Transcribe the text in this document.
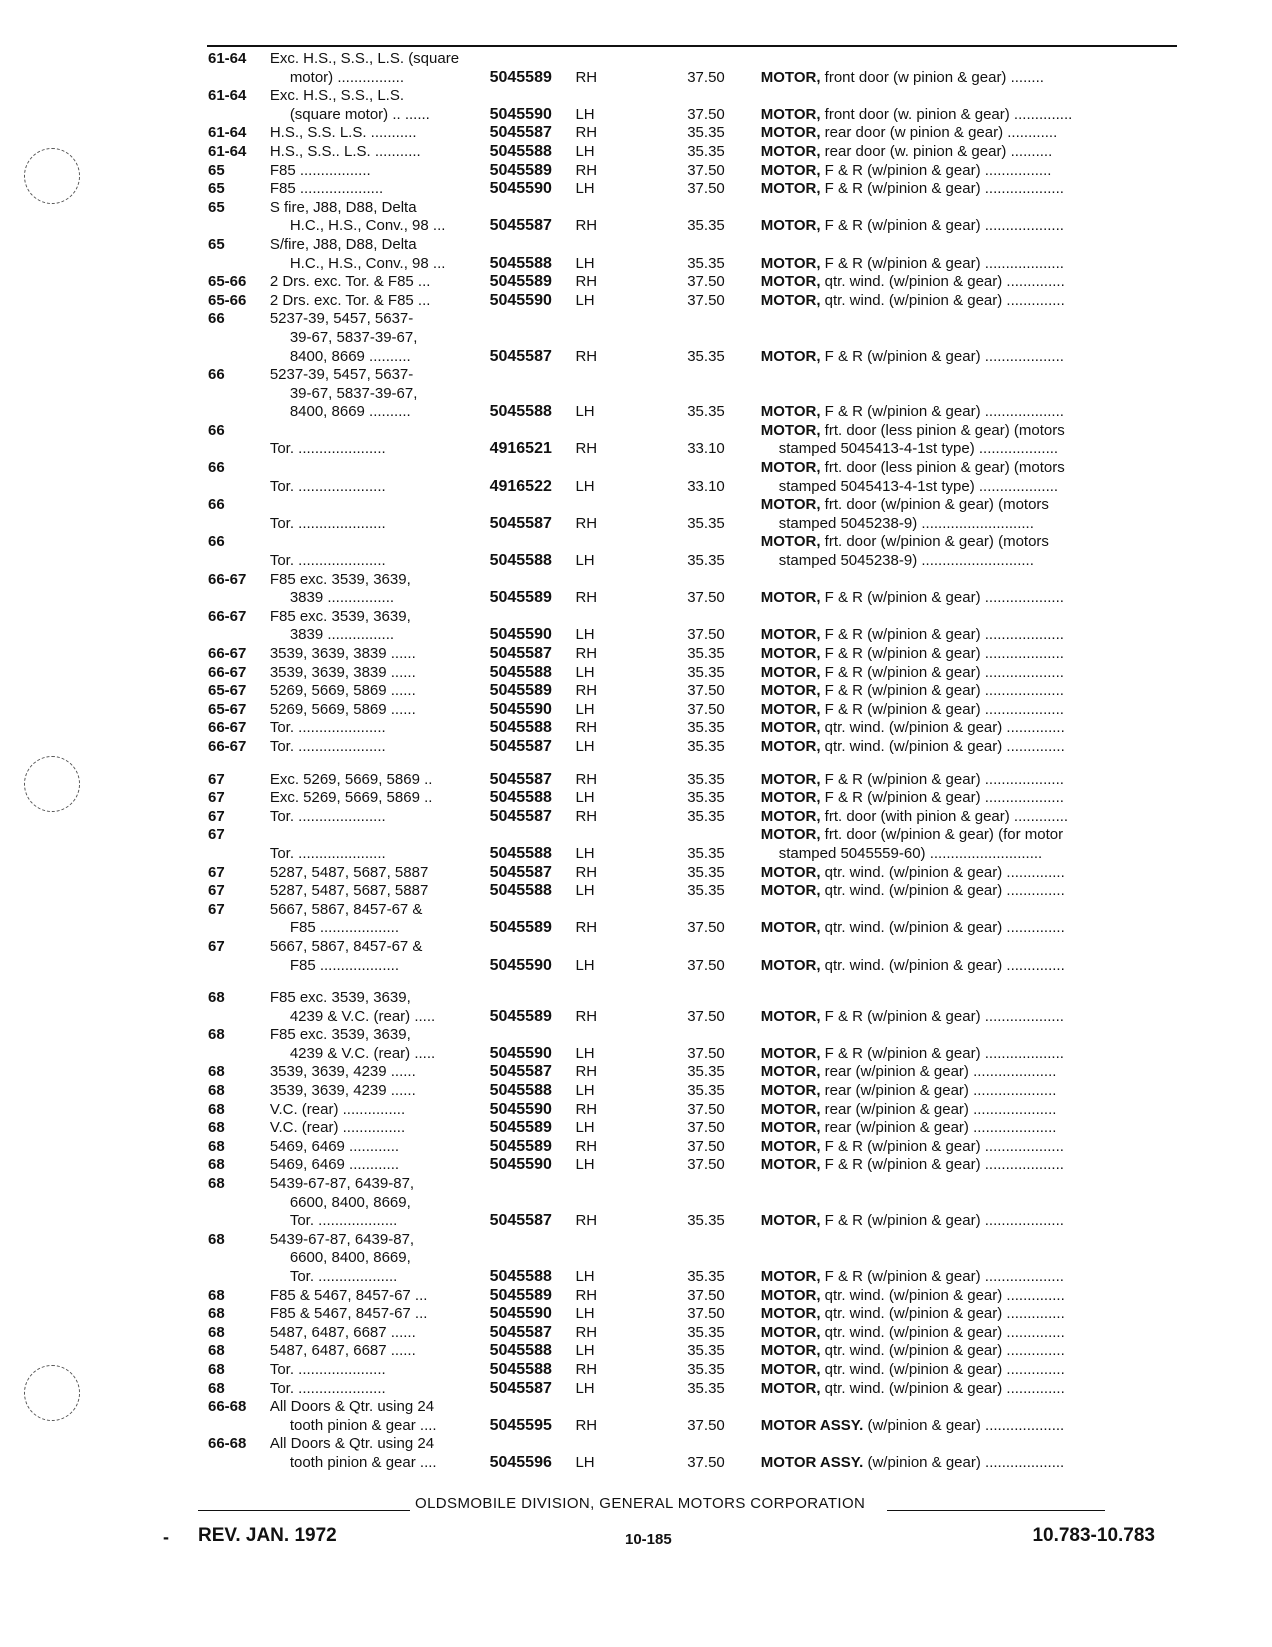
61-64	Exc. H.S., S.S., L.S. (square
motor) ................	5045589	RH	37.50	MOTOR, front door (w pinion & gear) ........

61-64	Exc. H.S., S.S., L.S.
(square motor) .. ......	5045590	LH	37.50	MOTOR, front door (w. pinion & gear) ..............

61-64	H.S., S.S. L.S. ...........	5045587	RH	35.35	MOTOR, rear door (w pinion & gear) ............

61-64	H.S., S.S.. L.S. ...........	5045588	LH	35.35	MOTOR, rear door (w. pinion & gear) ..........

65	F85 .................	5045589	RH	37.50	MOTOR, F & R (w/pinion & gear) ................

65	F85 ....................	5045590	LH	37.50	MOTOR, F & R (w/pinion & gear) ...................

65	S fire, J88, D88, Delta
H.C., H.S., Conv., 98 ...	5045587	RH	35.35	MOTOR, F & R (w/pinion & gear) ...................

65	S/fire, J88, D88, Delta
H.C., H.S., Conv., 98 ...	5045588	LH	35.35	MOTOR, F & R (w/pinion & gear) ...................

65-66	2 Drs. exc. Tor. & F85 ...	5045589	RH	37.50	MOTOR, qtr. wind. (w/pinion & gear) ..............

65-66	2 Drs. exc. Tor. & F85 ...	5045590	LH	37.50	MOTOR, qtr. wind. (w/pinion & gear) ..............

66	5237-39, 5457, 5637-
39-67, 5837-39-67,
8400, 8669 ..........	5045587	RH	35.35	MOTOR, F & R (w/pinion & gear) ...................

66	5237-39, 5457, 5637-
39-67, 5837-39-67,
8400, 8669 ..........	5045588	LH	35.35	MOTOR, F & R (w/pinion & gear) ...................

66	Tor. .....................	4916521	RH	33.10	MOTOR, frt. door (less pinion & gear) (motors
stamped 5045413-4-1st type) ...................

66	Tor. .....................	4916522	LH	33.10	MOTOR, frt. door (less pinion & gear) (motors
stamped 5045413-4-1st type) ...................

66	Tor. .....................	5045587	RH	35.35	MOTOR, frt. door (w/pinion & gear) (motors
stamped 5045238-9) ...........................

66	Tor. .....................	5045588	LH	35.35	MOTOR, frt. door (w/pinion & gear) (motors
stamped 5045238-9) ...........................

66-67	F85 exc. 3539, 3639,
3839 ................	5045589	RH	37.50	MOTOR, F & R (w/pinion & gear) ...................

66-67	F85 exc. 3539, 3639,
3839 ................	5045590	LH	37.50	MOTOR, F & R (w/pinion & gear) ...................

66-67	3539, 3639, 3839 ......	5045587	RH	35.35	MOTOR, F & R (w/pinion & gear) ...................

66-67	3539, 3639, 3839 ......	5045588	LH	35.35	MOTOR, F & R (w/pinion & gear) ...................

65-67	5269, 5669, 5869 ......	5045589	RH	37.50	MOTOR, F & R (w/pinion & gear) ...................

65-67	5269, 5669, 5869 ......	5045590	LH	37.50	MOTOR, F & R (w/pinion & gear) ...................

66-67	Tor. .....................	5045588	RH	35.35	MOTOR, qtr. wind. (w/pinion & gear) ..............

66-67	Tor. .....................	5045587	LH	35.35	MOTOR, qtr. wind. (w/pinion & gear) ..............

67	Exc. 5269, 5669, 5869 ..	5045587	RH	35.35	MOTOR, F & R (w/pinion & gear) ...................

67	Exc. 5269, 5669, 5869 ..	5045588	LH	35.35	MOTOR, F & R (w/pinion & gear) ...................

67	Tor. .....................	5045587	RH	35.35	MOTOR, frt. door (with pinion & gear) .............

67	Tor. .....................	5045588	LH	35.35	MOTOR, frt. door (w/pinion & gear) (for motor
stamped 5045559-60) ...........................

67	5287, 5487, 5687, 5887	5045587	RH	35.35	MOTOR, qtr. wind. (w/pinion & gear) ..............

67	5287, 5487, 5687, 5887	5045588	LH	35.35	MOTOR, qtr. wind. (w/pinion & gear) ..............

67	5667, 5867, 8457-67 &
F85 ...................	5045589	RH	37.50	MOTOR, qtr. wind. (w/pinion & gear) ..............

67	5667, 5867, 8457-67 &
F85 ...................	5045590	LH	37.50	MOTOR, qtr. wind. (w/pinion & gear) ..............

68	F85 exc. 3539, 3639,
4239 & V.C. (rear) .....	5045589	RH	37.50	MOTOR, F & R (w/pinion & gear) ...................

68	F85 exc. 3539, 3639,
4239 & V.C. (rear) .....	5045590	LH	37.50	MOTOR, F & R (w/pinion & gear) ...................

68	3539, 3639, 4239 ......	5045587	RH	35.35	MOTOR, rear (w/pinion & gear) ....................

68	3539, 3639, 4239 ......	5045588	LH	35.35	MOTOR, rear (w/pinion & gear) ....................

68	V.C. (rear) ...............	5045590	RH	37.50	MOTOR, rear (w/pinion & gear) ....................

68	V.C. (rear) ...............	5045589	LH	37.50	MOTOR, rear (w/pinion & gear) ....................

68	5469, 6469 ............	5045589	RH	37.50	MOTOR, F & R (w/pinion & gear) ...................

68	5469, 6469 ............	5045590	LH	37.50	MOTOR, F & R (w/pinion & gear) ...................

68	5439-67-87, 6439-87,
6600, 8400, 8669,
Tor. ...................	5045587	RH	35.35	MOTOR, F & R (w/pinion & gear) ...................

68	5439-67-87, 6439-87,
6600, 8400, 8669,
Tor. ...................	5045588	LH	35.35	MOTOR, F & R (w/pinion & gear) ...................

68	F85 & 5467, 8457-67 ...	5045589	RH	37.50	MOTOR, qtr. wind. (w/pinion & gear) ..............

68	F85 & 5467, 8457-67 ...	5045590	LH	37.50	MOTOR, qtr. wind. (w/pinion & gear) ..............

68	5487, 6487, 6687 ......	5045587	RH	35.35	MOTOR, qtr. wind. (w/pinion & gear) ..............

68	5487, 6487, 6687 ......	5045588	LH	35.35	MOTOR, qtr. wind. (w/pinion & gear) ..............

68	Tor. .....................	5045588	RH	35.35	MOTOR, qtr. wind. (w/pinion & gear) ..............

68	Tor. .....................	5045587	LH	35.35	MOTOR, qtr. wind. (w/pinion & gear) ..............

66-68	All Doors & Qtr. using 24
tooth pinion & gear ....	5045595	RH	37.50	MOTOR ASSY. (w/pinion & gear) ...................

66-68	All Doors & Qtr. using 24
tooth pinion & gear ....	5045596	LH	37.50	MOTOR ASSY. (w/pinion & gear) ...................
OLDSMOBILE DIVISION, GENERAL MOTORS CORPORATION
- REV. JAN. 1972	10-185	10.783-10.783
